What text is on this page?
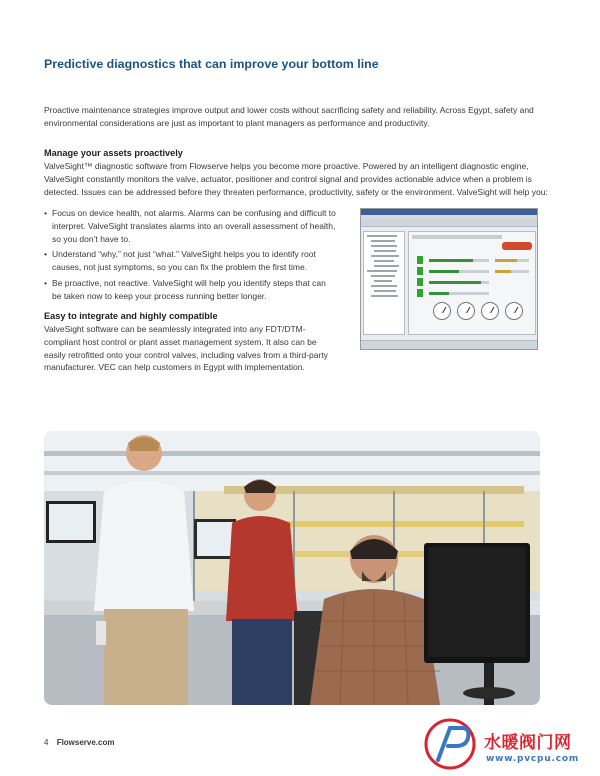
Predictive diagnostics that can improve your bottom line

Proactive maintenance strategies improve output and lower costs without sacrificing safety and reliability. Across Egypt, safety and environmental considerations are just as important to plant managers as performance and productivity.

Manage your assets proactively

ValveSight™ diagnostic software from Flowserve helps you become more proactive. Powered by an intelligent diagnostic engine, ValveSight constantly monitors the valve, actuator, positioner and control signal and provides actionable advice when a problem is detected. Issues can be addressed before they threaten performance, productivity, safety or the environment. ValveSight will help you:

• Focus on device health, not alarms. Alarms can be confusing and difficult to interpret. ValveSight translates alarms into an overall assessment of health, so you don’t have to.
• Understand “why,” not just “what.” ValveSight helps you to identify root causes, not just symptoms, so you can fix the problem the first time.
• Be proactive, not reactive. ValveSight will help you identify steps that can be taken now to keep your process running better longer.
Easy to integrate and highly compatible

ValveSight software can be seamlessly integrated into any FDT/DTM-compliant host control or plant asset management system. It also can be easily retrofitted onto your control valves, including valves from a third-party manufacturer. VEC can help customers in Egypt with implementation.

4 Flowserve.com	水暖阀门网
www.pvcpu.com
